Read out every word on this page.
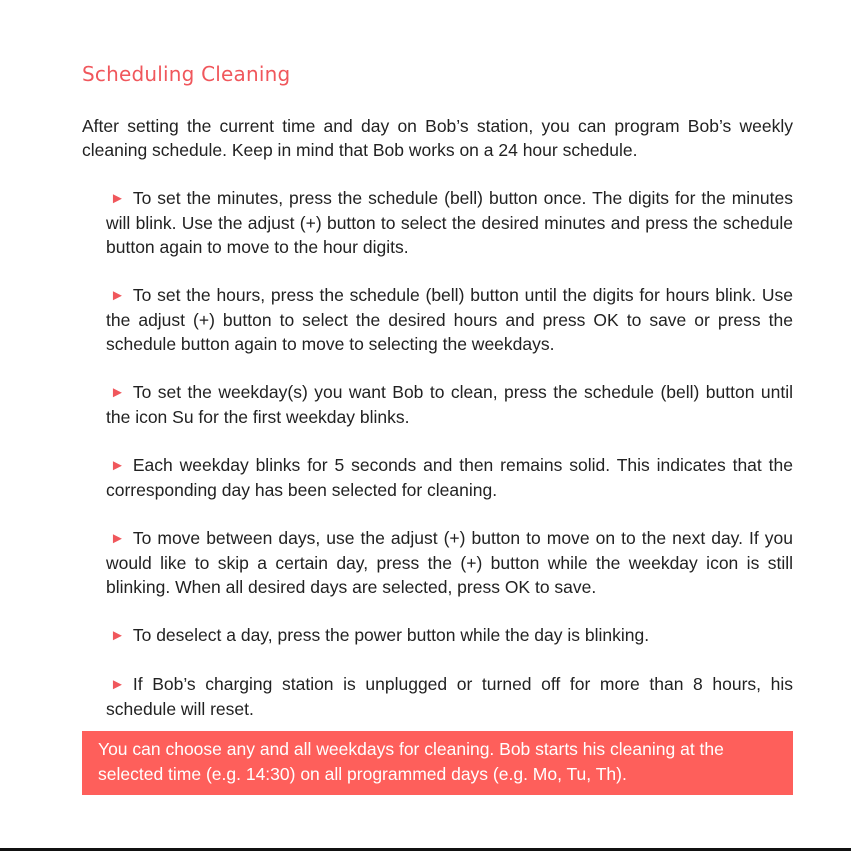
Scheduling Cleaning

After setting the current time and day on Bob’s station, you can program Bob’s weekly cleaning schedule. Keep in mind that Bob works on a 24 hour schedule.

► To set the minutes, press the schedule (bell) button once. The digits for the minutes will blink. Use the adjust (+) button to select the desired minutes and press the schedule button again to move to the hour digits.
► To set the hours, press the schedule (bell) button until the digits for hours blink. Use the adjust (+) button to select the desired hours and press OK to save or press the schedule button again to move to selecting the weekdays.
► To set the weekday(s) you want Bob to clean, press the schedule (bell) button until the icon Su for the first weekday blinks.
► Each weekday blinks for 5 seconds and then remains solid. This indicates that the corresponding day has been selected for cleaning.
► To move between days, use the adjust (+) button to move on to the next day. If you would like to skip a certain day, press the (+) button while the weekday icon is still blinking. When all desired days are selected, press OK to save.
► To deselect a day, press the power button while the day is blinking.
► If Bob’s charging station is unplugged or turned off for more than 8 hours, his schedule will reset.
You can choose any and all weekdays for cleaning. Bob starts his cleaning at the selected time (e.g. 14:30) on all programmed days (e.g. Mo, Tu, Th).
